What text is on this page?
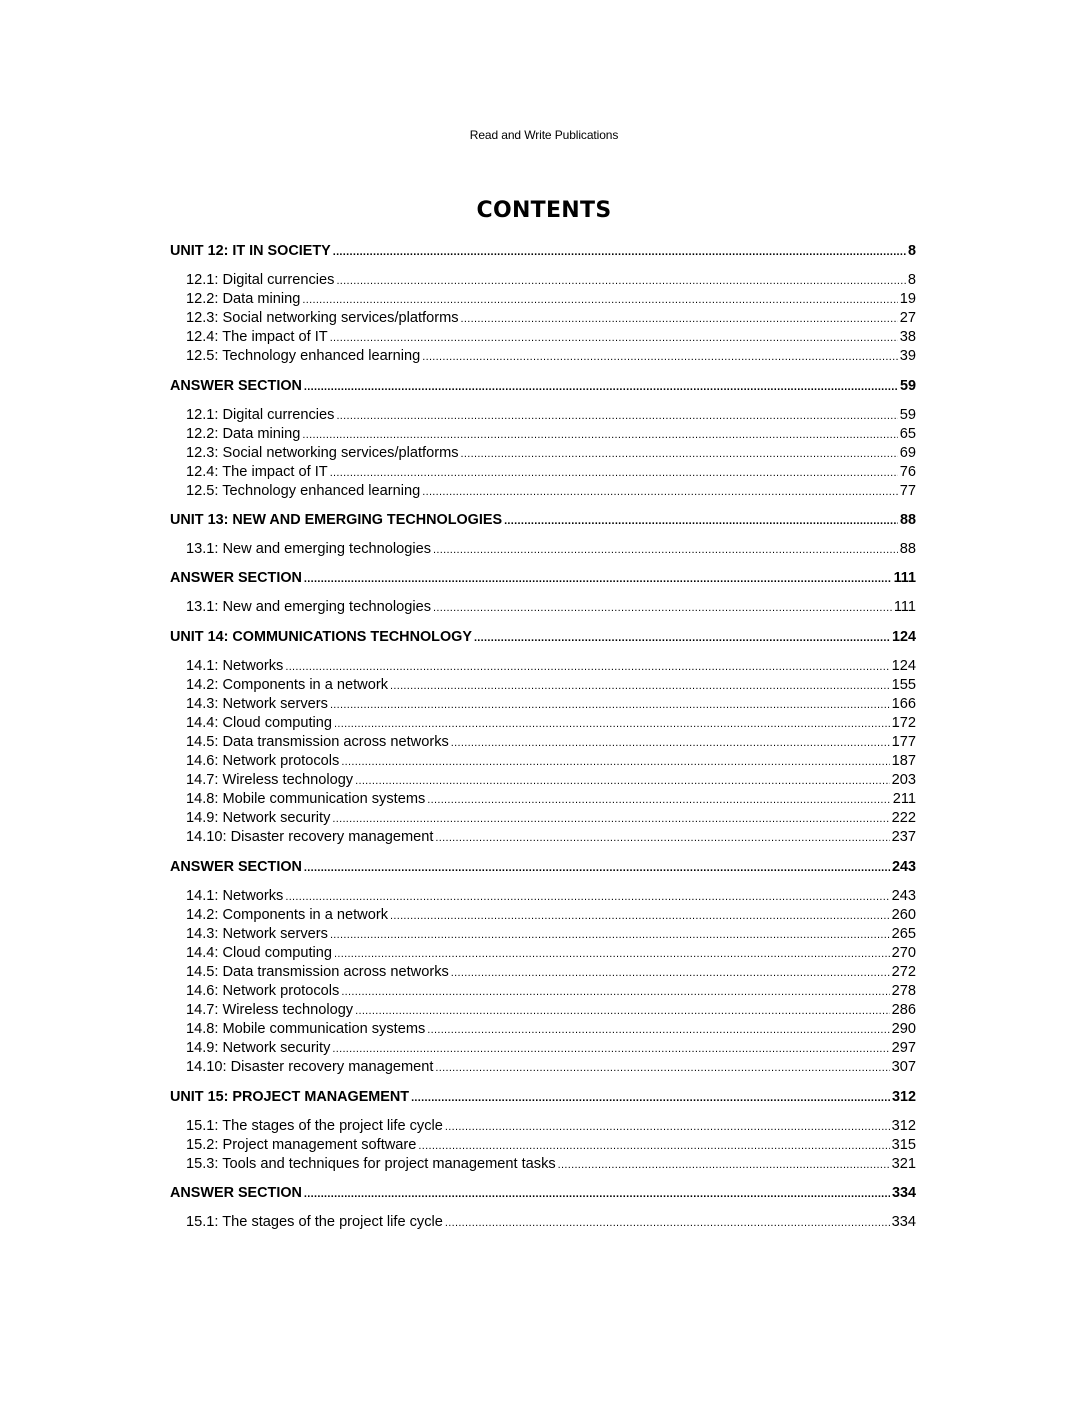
Read and Write Publications
CONTENTS
UNIT 12: IT IN SOCIETY .....	8
12.1: Digital currencies .....	8
12.2: Data mining .....	19
12.3: Social networking services/platforms .....	27
12.4: The impact of IT .....	38
12.5: Technology enhanced learning .....	39
ANSWER SECTION .....	59
12.1: Digital currencies .....	59
12.2: Data mining .....	65
12.3: Social networking services/platforms .....	69
12.4: The impact of IT .....	76
12.5: Technology enhanced learning .....	77
UNIT 13: NEW AND EMERGING TECHNOLOGIES .....	88
13.1: New and emerging technologies .....	88
ANSWER SECTION .....	111
13.1: New and emerging technologies .....	111
UNIT 14: COMMUNICATIONS TECHNOLOGY .....	124
14.1: Networks .....	124
14.2: Components in a network .....	155
14.3: Network servers .....	166
14.4: Cloud computing .....	172
14.5: Data transmission across networks .....	177
14.6: Network protocols .....	187
14.7: Wireless technology .....	203
14.8: Mobile communication systems .....	211
14.9: Network security .....	222
14.10: Disaster recovery management .....	237
ANSWER SECTION .....	243
14.1: Networks .....	243
14.2: Components in a network .....	260
14.3: Network servers .....	265
14.4: Cloud computing .....	270
14.5: Data transmission across networks .....	272
14.6: Network protocols .....	278
14.7: Wireless technology .....	286
14.8: Mobile communication systems .....	290
14.9: Network security .....	297
14.10: Disaster recovery management .....	307
UNIT 15: PROJECT MANAGEMENT .....	312
15.1: The stages of the project life cycle .....	312
15.2: Project management software .....	315
15.3: Tools and techniques for project management tasks .....	321
ANSWER SECTION .....	334
15.1: The stages of the project life cycle .....	334
